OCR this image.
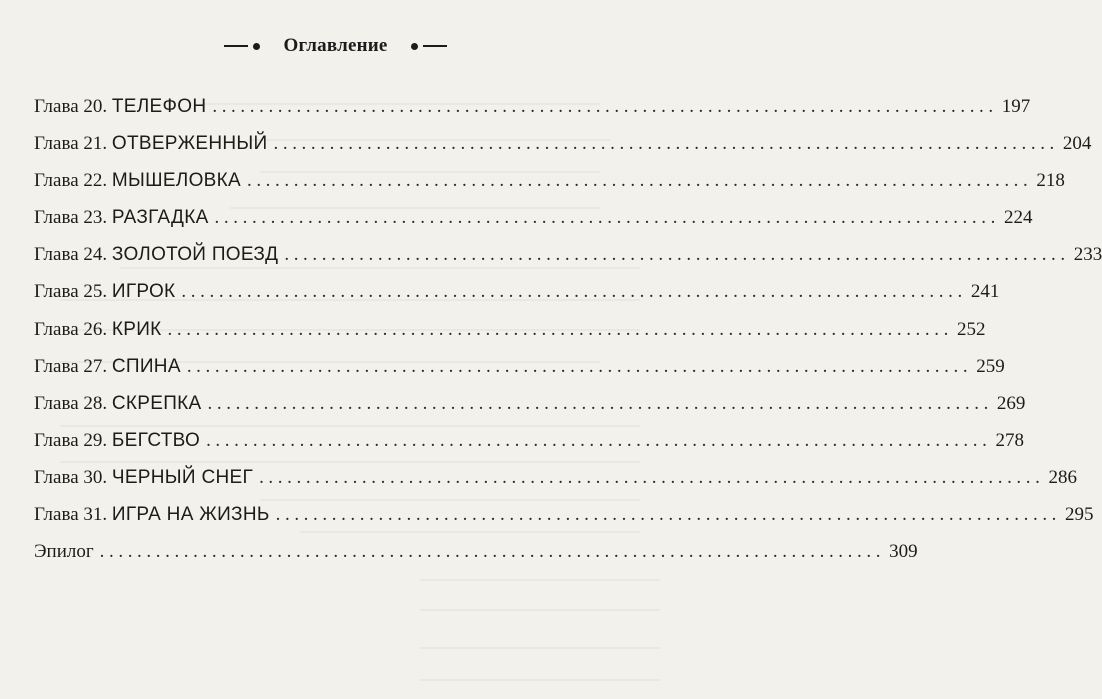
Оглавление
Глава 20.
ТЕЛЕФОН .................................................................................... 197
Глава 21.
ОТВЕРЖЕННЫЙ .................................................................................... 204
Глава 22.
МЫШЕЛОВКА .................................................................................... 218
Глава 23.
РАЗГАДКА .................................................................................... 224
Глава 24.
ЗОЛОТОЙ ПОЕЗД .................................................................................... 233
Глава 25.
ИГРОК .................................................................................... 241
Глава 26.
КРИК .................................................................................... 252
Глава 27.
СПИНА .................................................................................... 259
Глава 28.
СКРЕПКА .................................................................................... 269
Глава 29.
БЕГСТВО .................................................................................... 278
Глава 30.
ЧЕРНЫЙ СНЕГ .................................................................................... 286
Глава 31.
ИГРА НА ЖИЗНЬ .................................................................................... 295
Эпилог .................................................................................... 309
